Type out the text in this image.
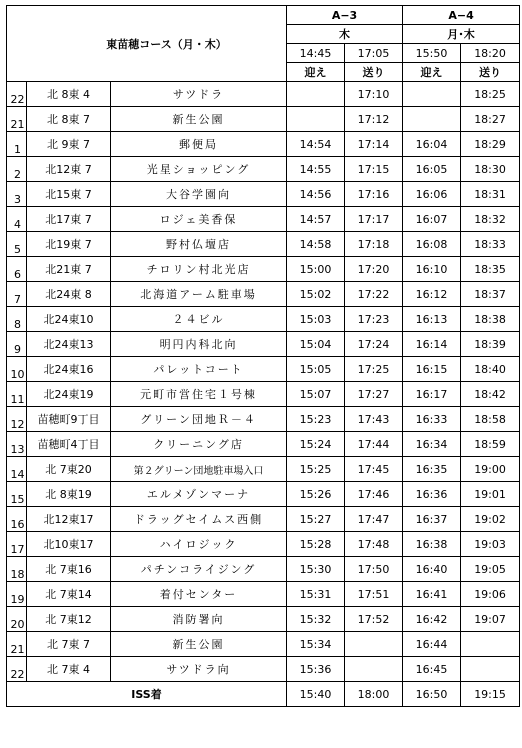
東苗穂コース（月・木）			A−3		A−4	
			木		月･木	
			14:45	17:05	15:50	18:20
			迎え	送り	迎え	送り
22	北 8東 4	サツドラ		17:10		18:25
21	北 8東 7	新生公園		17:12		18:27
1	北 9東 7	郵便局	14:54	17:14	16:04	18:29
2	北12東 7	光星ショッピング	14:55	17:15	16:05	18:30
3	北15東 7	大谷学園向	14:56	17:16	16:06	18:31
4	北17東 7	ロジェ美香保	14:57	17:17	16:07	18:32
5	北19東 7	野村仏壇店	14:58	17:18	16:08	18:33
6	北21東 7	チロリン村北光店	15:00	17:20	16:10	18:35
7	北24東 8	北海道アーム駐車場	15:02	17:22	16:12	18:37
8	北24東10	２４ビル	15:03	17:23	16:13	18:38
9	北24東13	明円内科北向	15:04	17:24	16:14	18:39
10	北24東16	パレットコート	15:05	17:25	16:15	18:40
11	北24東19	元町市営住宅１号棟	15:07	17:27	16:17	18:42
12	苗穂町9丁目	グリーン団地Ｒ－４	15:23	17:43	16:33	18:58
13	苗穂町4丁目	クリーニング店	15:24	17:44	16:34	18:59
14	北 7東20	第２グリーン団地駐車場入口	15:25	17:45	16:35	19:00
15	北 8東19	エルメゾンマーナ	15:26	17:46	16:36	19:01
16	北12東17	ドラッグセイムス西側	15:27	17:47	16:37	19:02
17	北10東17	ハイロジック	15:28	17:48	16:38	19:03
18	北 7東16	パチンコライジング	15:30	17:50	16:40	19:05
19	北 7東14	着付センター	15:31	17:51	16:41	19:06
20	北 7東12	消防署向	15:32	17:52	16:42	19:07
21	北 7東 7	新生公園	15:34		16:44	
22	北 7東 4	サツドラ向	15:36		16:45	
ISS着			15:40	18:00	16:50	19:15
